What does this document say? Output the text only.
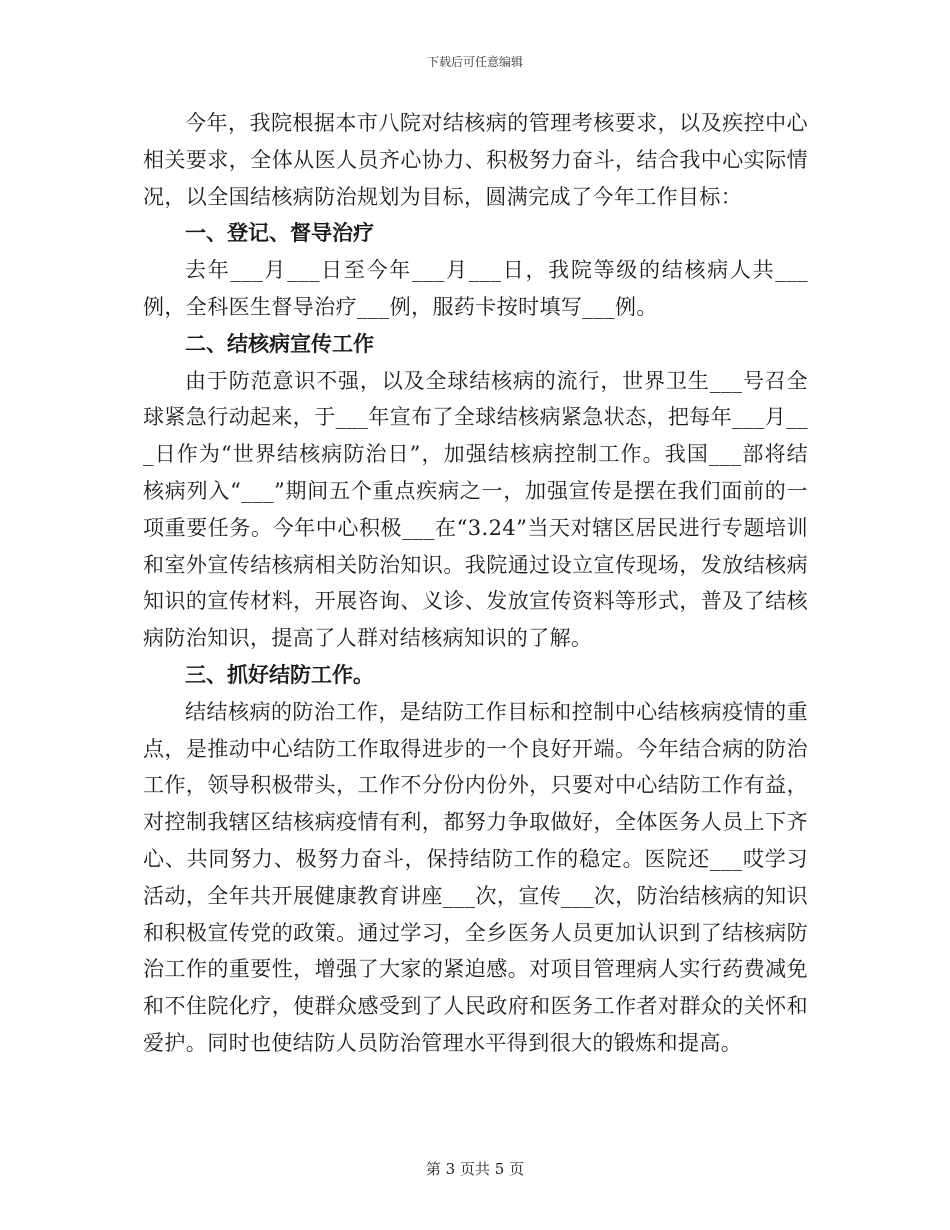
下载后可任意编辑

今年，我院根据本市八院对结核病的管理考核要求，以及疾控中心相关要求，全体从医人员齐心协力、积极努力奋斗，结合我中心实际情况，以全国结核病防治规划为目标，圆满完成了今年工作目标：

一、登记、督导治疗

去年___月___日至今年___月___日，我院等级的结核病人共___例，全科医生督导治疗___例，服药卡按时填写___例。

二、结核病宣传工作

由于防范意识不强，以及全球结核病的流行，世界卫生___号召全球紧急行动起来，于___年宣布了全球结核病紧急状态，把每年___月___日作为“世界结核病防治日”，加强结核病控制工作。我国___部将结核病列入“___”期间五个重点疾病之一，加强宣传是摆在我们面前的一项重要任务。今年中心积极___在“3.24”当天对辖区居民进行专题培训和室外宣传结核病相关防治知识。我院通过设立宣传现场，发放结核病知识的宣传材料，开展咨询、义诊、发放宣传资料等形式，普及了结核病防治知识，提高了人群对结核病知识的了解。

三、抓好结防工作。

结结核病的防治工作，是结防工作目标和控制中心结核病疫情的重点，是推动中心结防工作取得进步的一个良好开端。今年结合病的防治工作，领导积极带头，工作不分份内份外，只要对中心结防工作有益，对控制我辖区结核病疫情有利，都努力争取做好，全体医务人员上下齐心、共同努力、极努力奋斗，保持结防工作的稳定。医院还___哎学习活动，全年共开展健康教育讲座___次，宣传___次，防治结核病的知识和积极宣传党的政策。通过学习，全乡医务人员更加认识到了结核病防治工作的重要性，增强了大家的紧迫感。对项目管理病人实行药费减免和不住院化疗，使群众感受到了人民政府和医务工作者对群众的关怀和爱护。同时也使结防人员防治管理水平得到很大的锻炼和提高。

第 3 页共 5 页
